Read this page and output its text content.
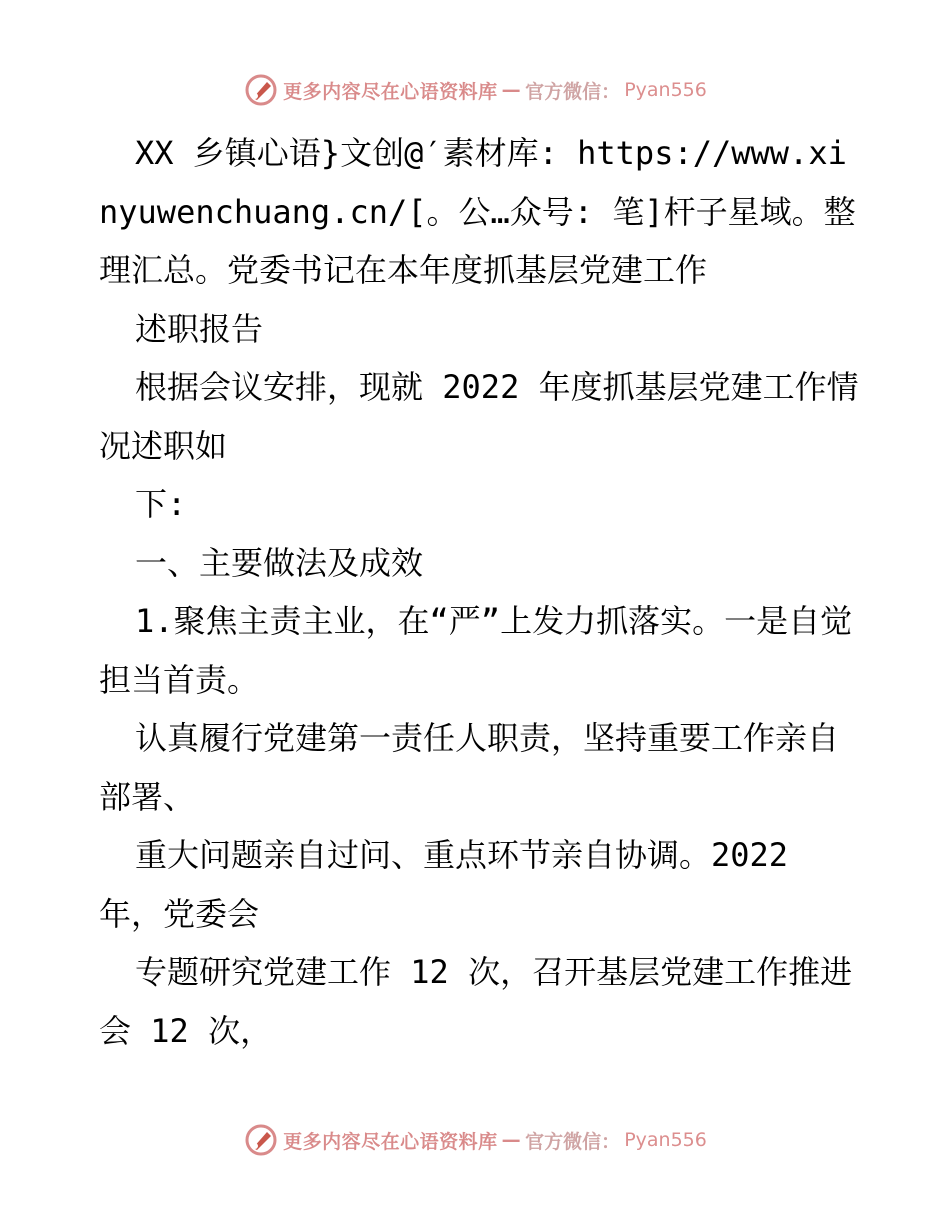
更多内容尽在心语资料库 — 官方微信： Pyan556

XX 乡镇心语}文创@′素材库: https://www.xinyuwenchuang.cn/[。公…众号: 笔]杆子星域。整理汇总。党委书记在本年度抓基层党建工作

述职报告

根据会议安排，现就 2022 年度抓基层党建工作情况述职如

下:

一、主要做法及成效

1.聚焦主责主业，在“严”上发力抓落实。一是自觉担当首责。

认真履行党建第一责任人职责，坚持重要工作亲自部署、

重大问题亲自过问、重点环节亲自协调。2022 年，党委会

专题研究党建工作 12 次，召开基层党建工作推进会 12 次，

更多内容尽在心语资料库 — 官方微信： Pyan556
